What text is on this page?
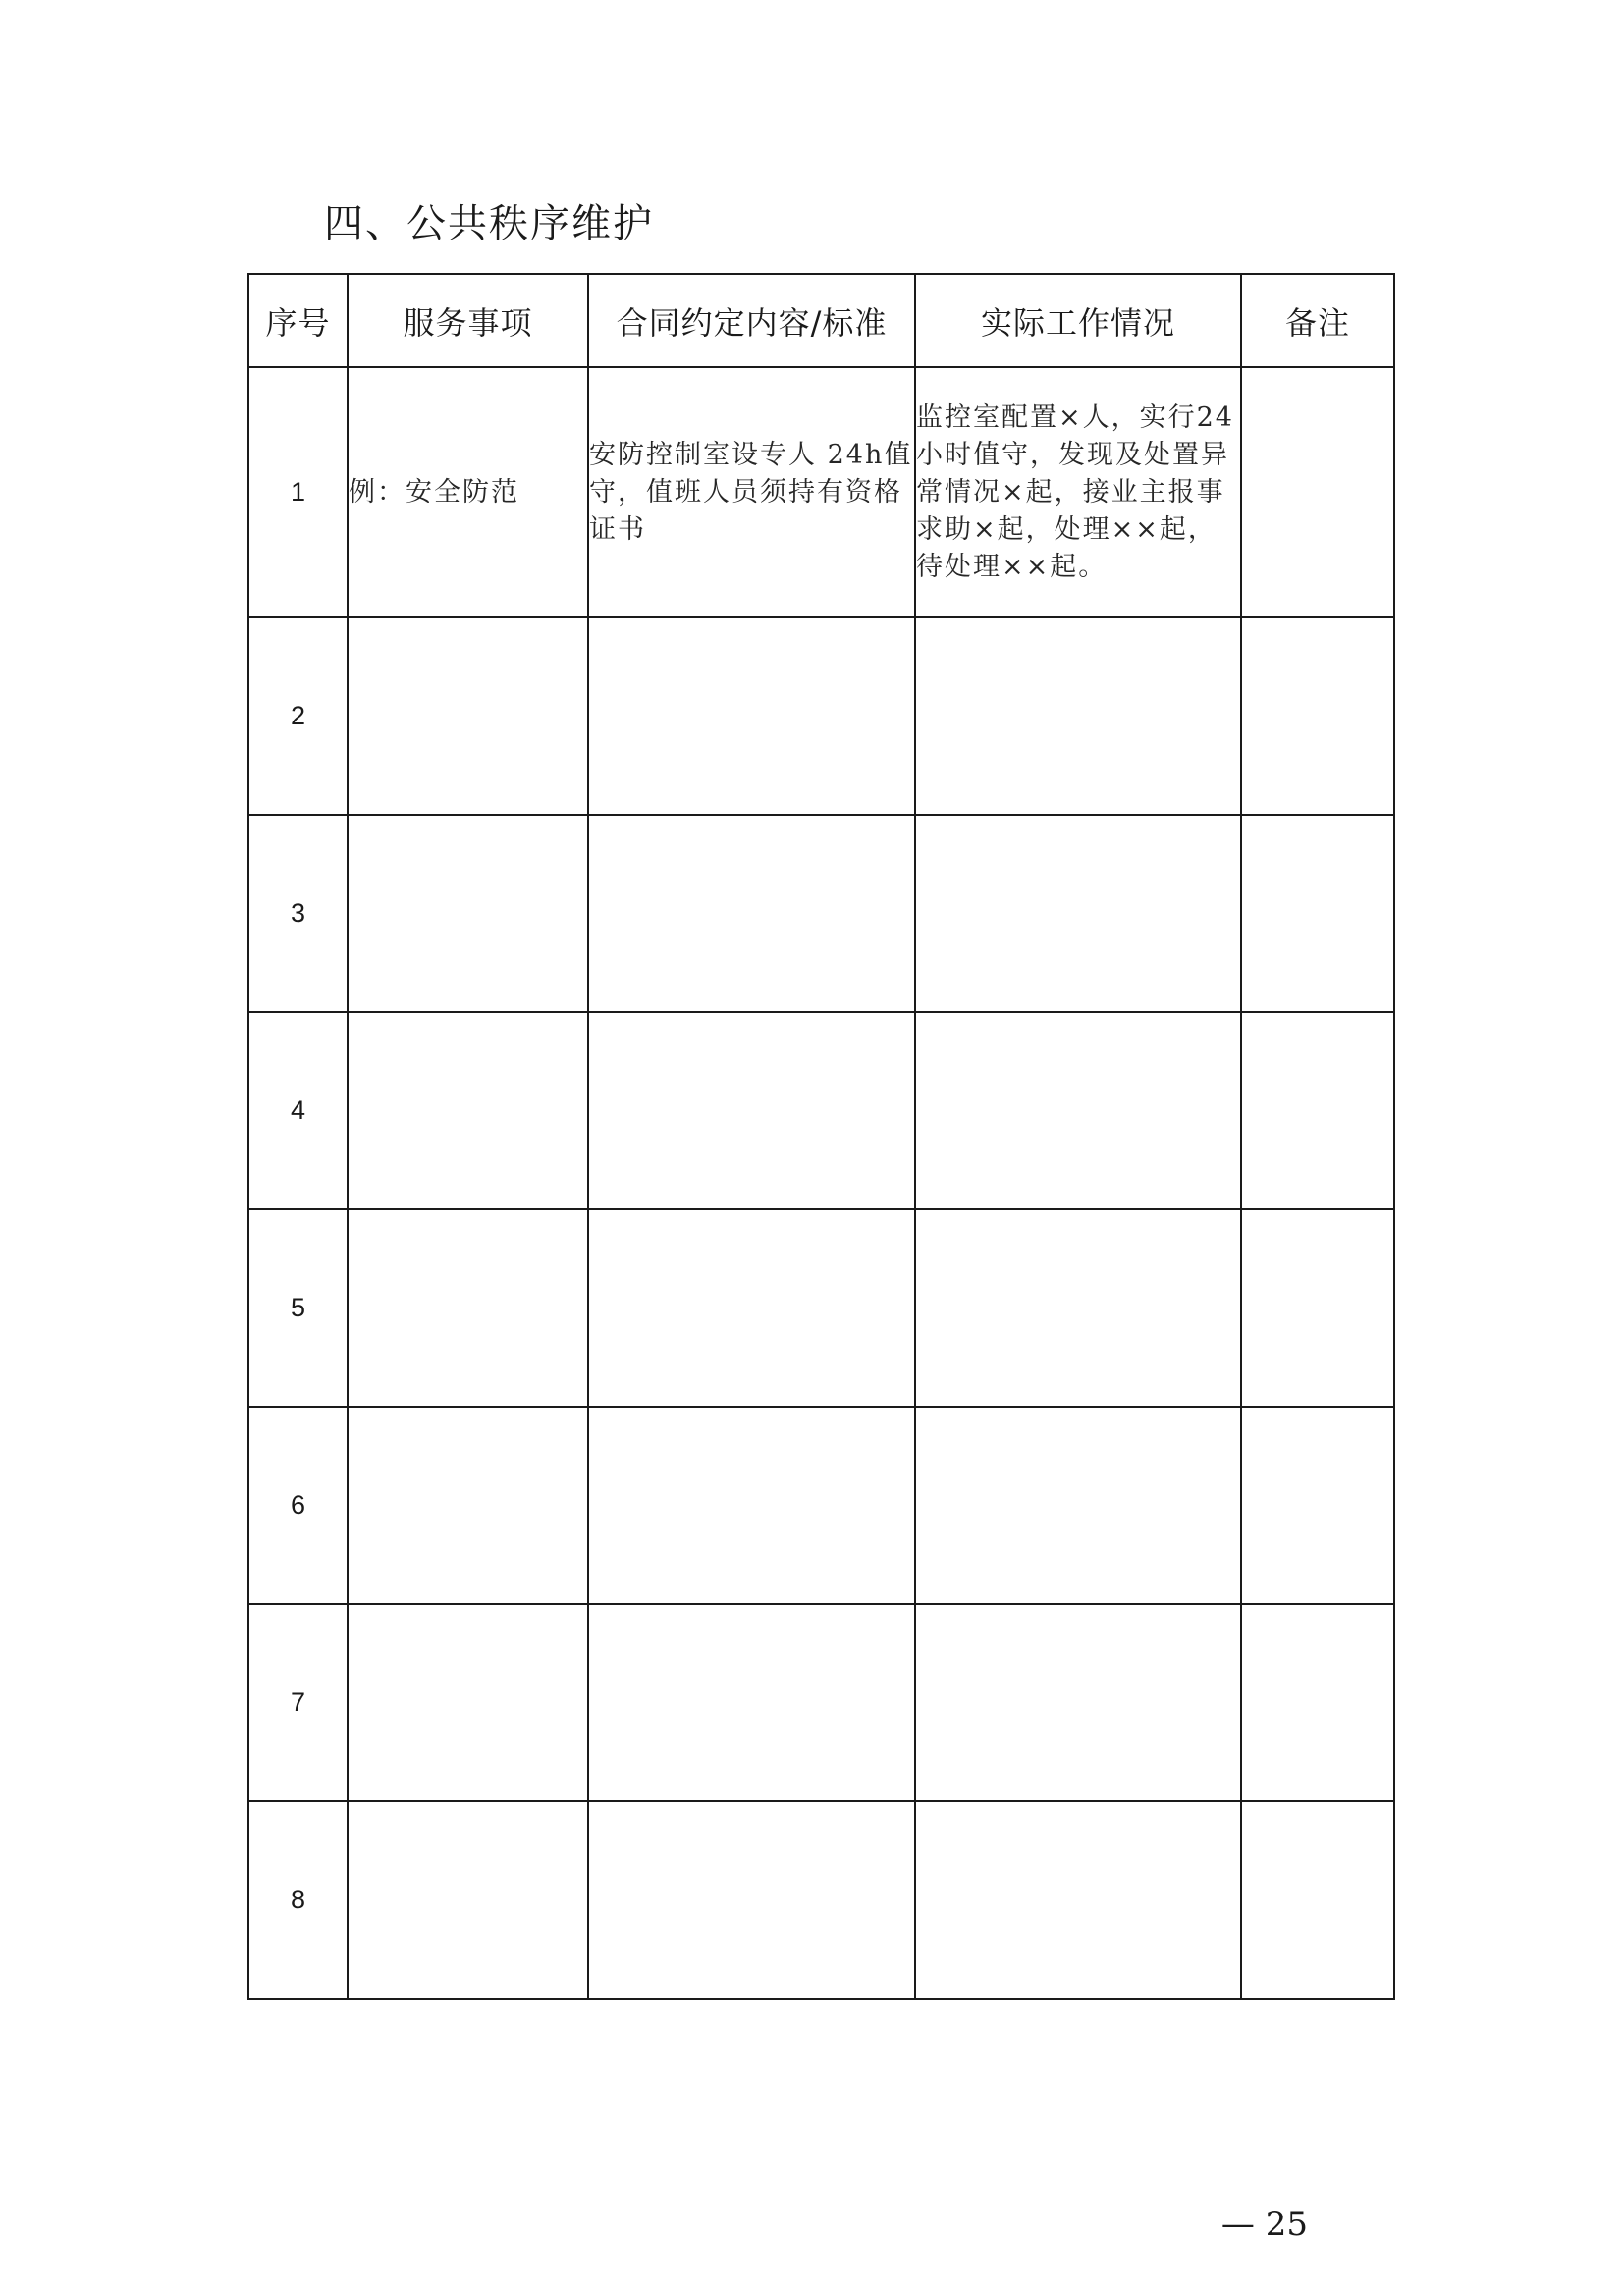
四、公共秩序维护
序号	服务事项	合同约定内容/标准	实际工作情况	备注
1	例：安全防范	安防控制室设专人 24h值守，值班人员须持有资格证书	监控室配置×人，实行24小时值守，发现及处置异常情况×起，接业主报事求助×起，处理××起，待处理××起。	
2				
3				
4				
5				
6				
7				
8				
— 25
